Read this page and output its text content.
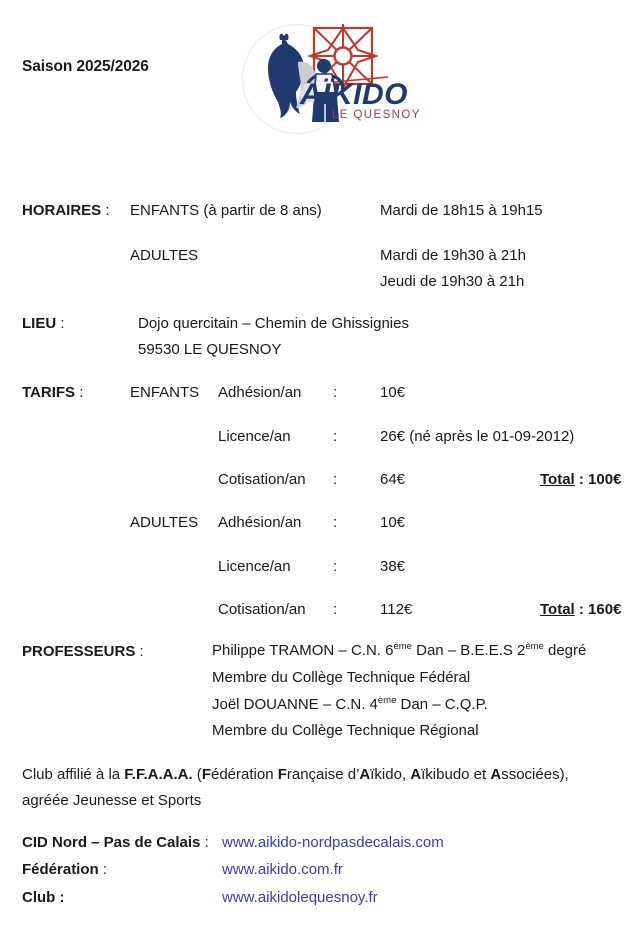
Saison 2025/2026
AÏKIDO
LE QUESNOY
HORAIRES : ENFANTS (à partir de 8 ans)	Mardi de 18h15 à 19h15
ADULTES	Mardi de 19h30 à 21h
Jeudi de 19h30 à 21h
LIEU :	Dojo quercitain – Chemin de Ghissignies
59530 LE QUESNOY
TARIFS :	ENFANTS Adhésion/an :	10€
Licence/an	:	26€ (né après le 01-09-2012)
Cotisation/an :	64€	Total : 100€
ADULTES Adhésion/an :	10€
Licence/an	:	38€
Cotisation/an :	112€	Total : 160€
PROFESSEURS :	Philippe TRAMON – C.N. 6ème Dan – B.E.E.S 2ème degré
Membre du Collège Technique Fédéral
Joël DOUANNE – C.N. 4ème Dan – C.Q.P.
Membre du Collège Technique Régional
Club affilié à la F.F.A.A.A. (Fédération Française d’Aïkido, Aïkibudo et Associées),
agréée Jeunesse et Sports
CID Nord – Pas de Calais : www.aikido-nordpasdecalais.com
Fédération :	www.aikido.com.fr
Club :	www.aikidolequesnoy.fr
